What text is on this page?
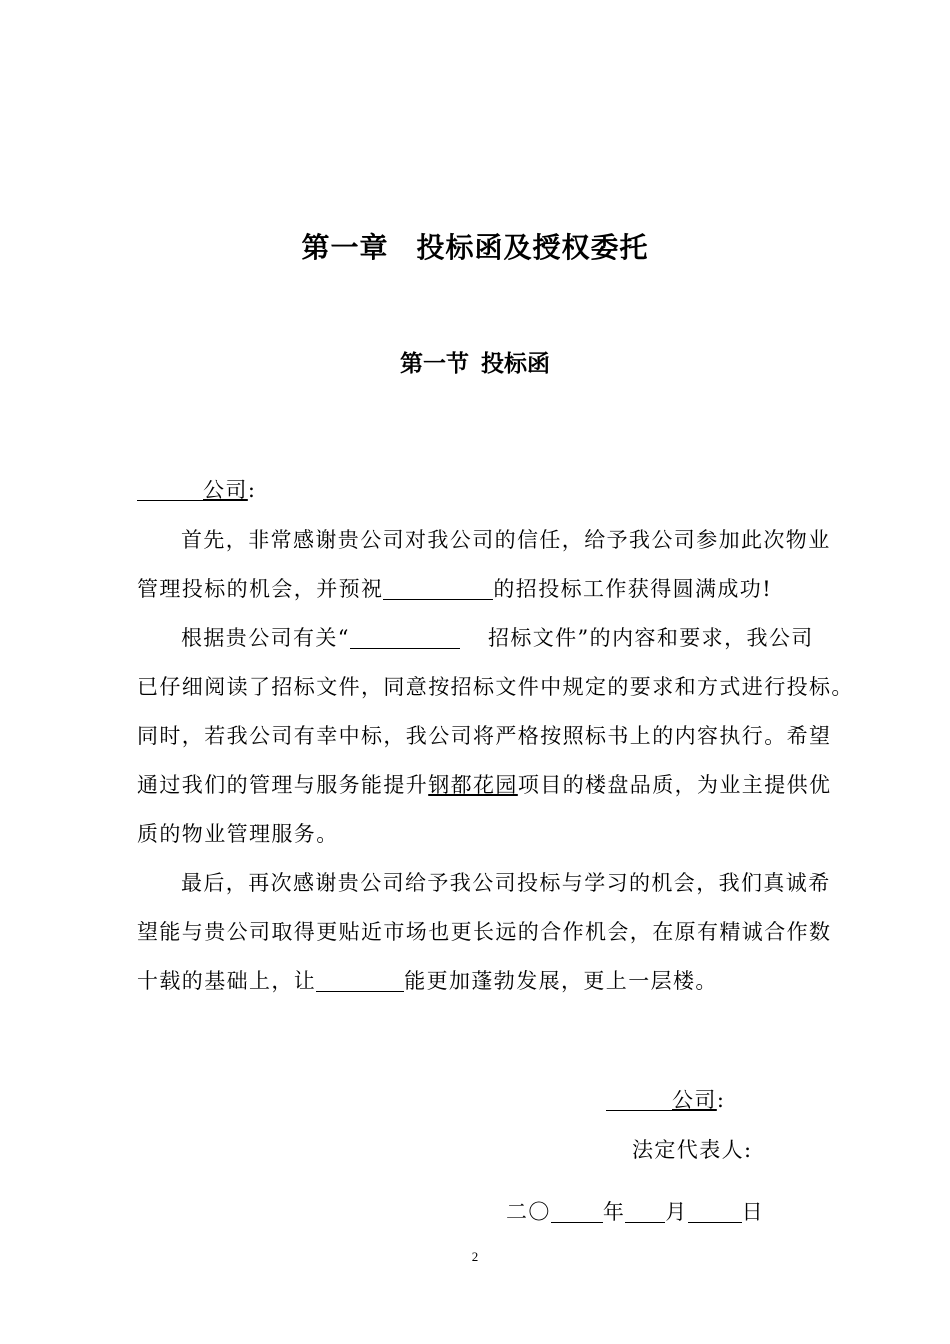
第一章 投标函及授权委托
第一节 投标函
公司:
首先，非常感谢贵公司对我公司的信任，给予我公司参加此次物业
管理投标的机会，并预祝	的招投标工作获得圆满成功!
根据贵公司有关“	招标文件”的内容和要求，我公司
已仔细阅读了招标文件，同意按招标文件中规定的要求和方式进行投标。
同时，若我公司有幸中标，我公司将严格按照标书上的内容执行。希望
通过我们的管理与服务能提升钢都花园项目的楼盘品质，为业主提供优
质的物业管理服务。
最后，再次感谢贵公司给予我公司投标与学习的机会，我们真诚希
望能与贵公司取得更贴近市场也更长远的合作机会，在原有精诚合作数
十载的基础上，让	能更加蓬勃发展，更上一层楼。
公司:
法定代表人:
二〇 年 月	日
2
